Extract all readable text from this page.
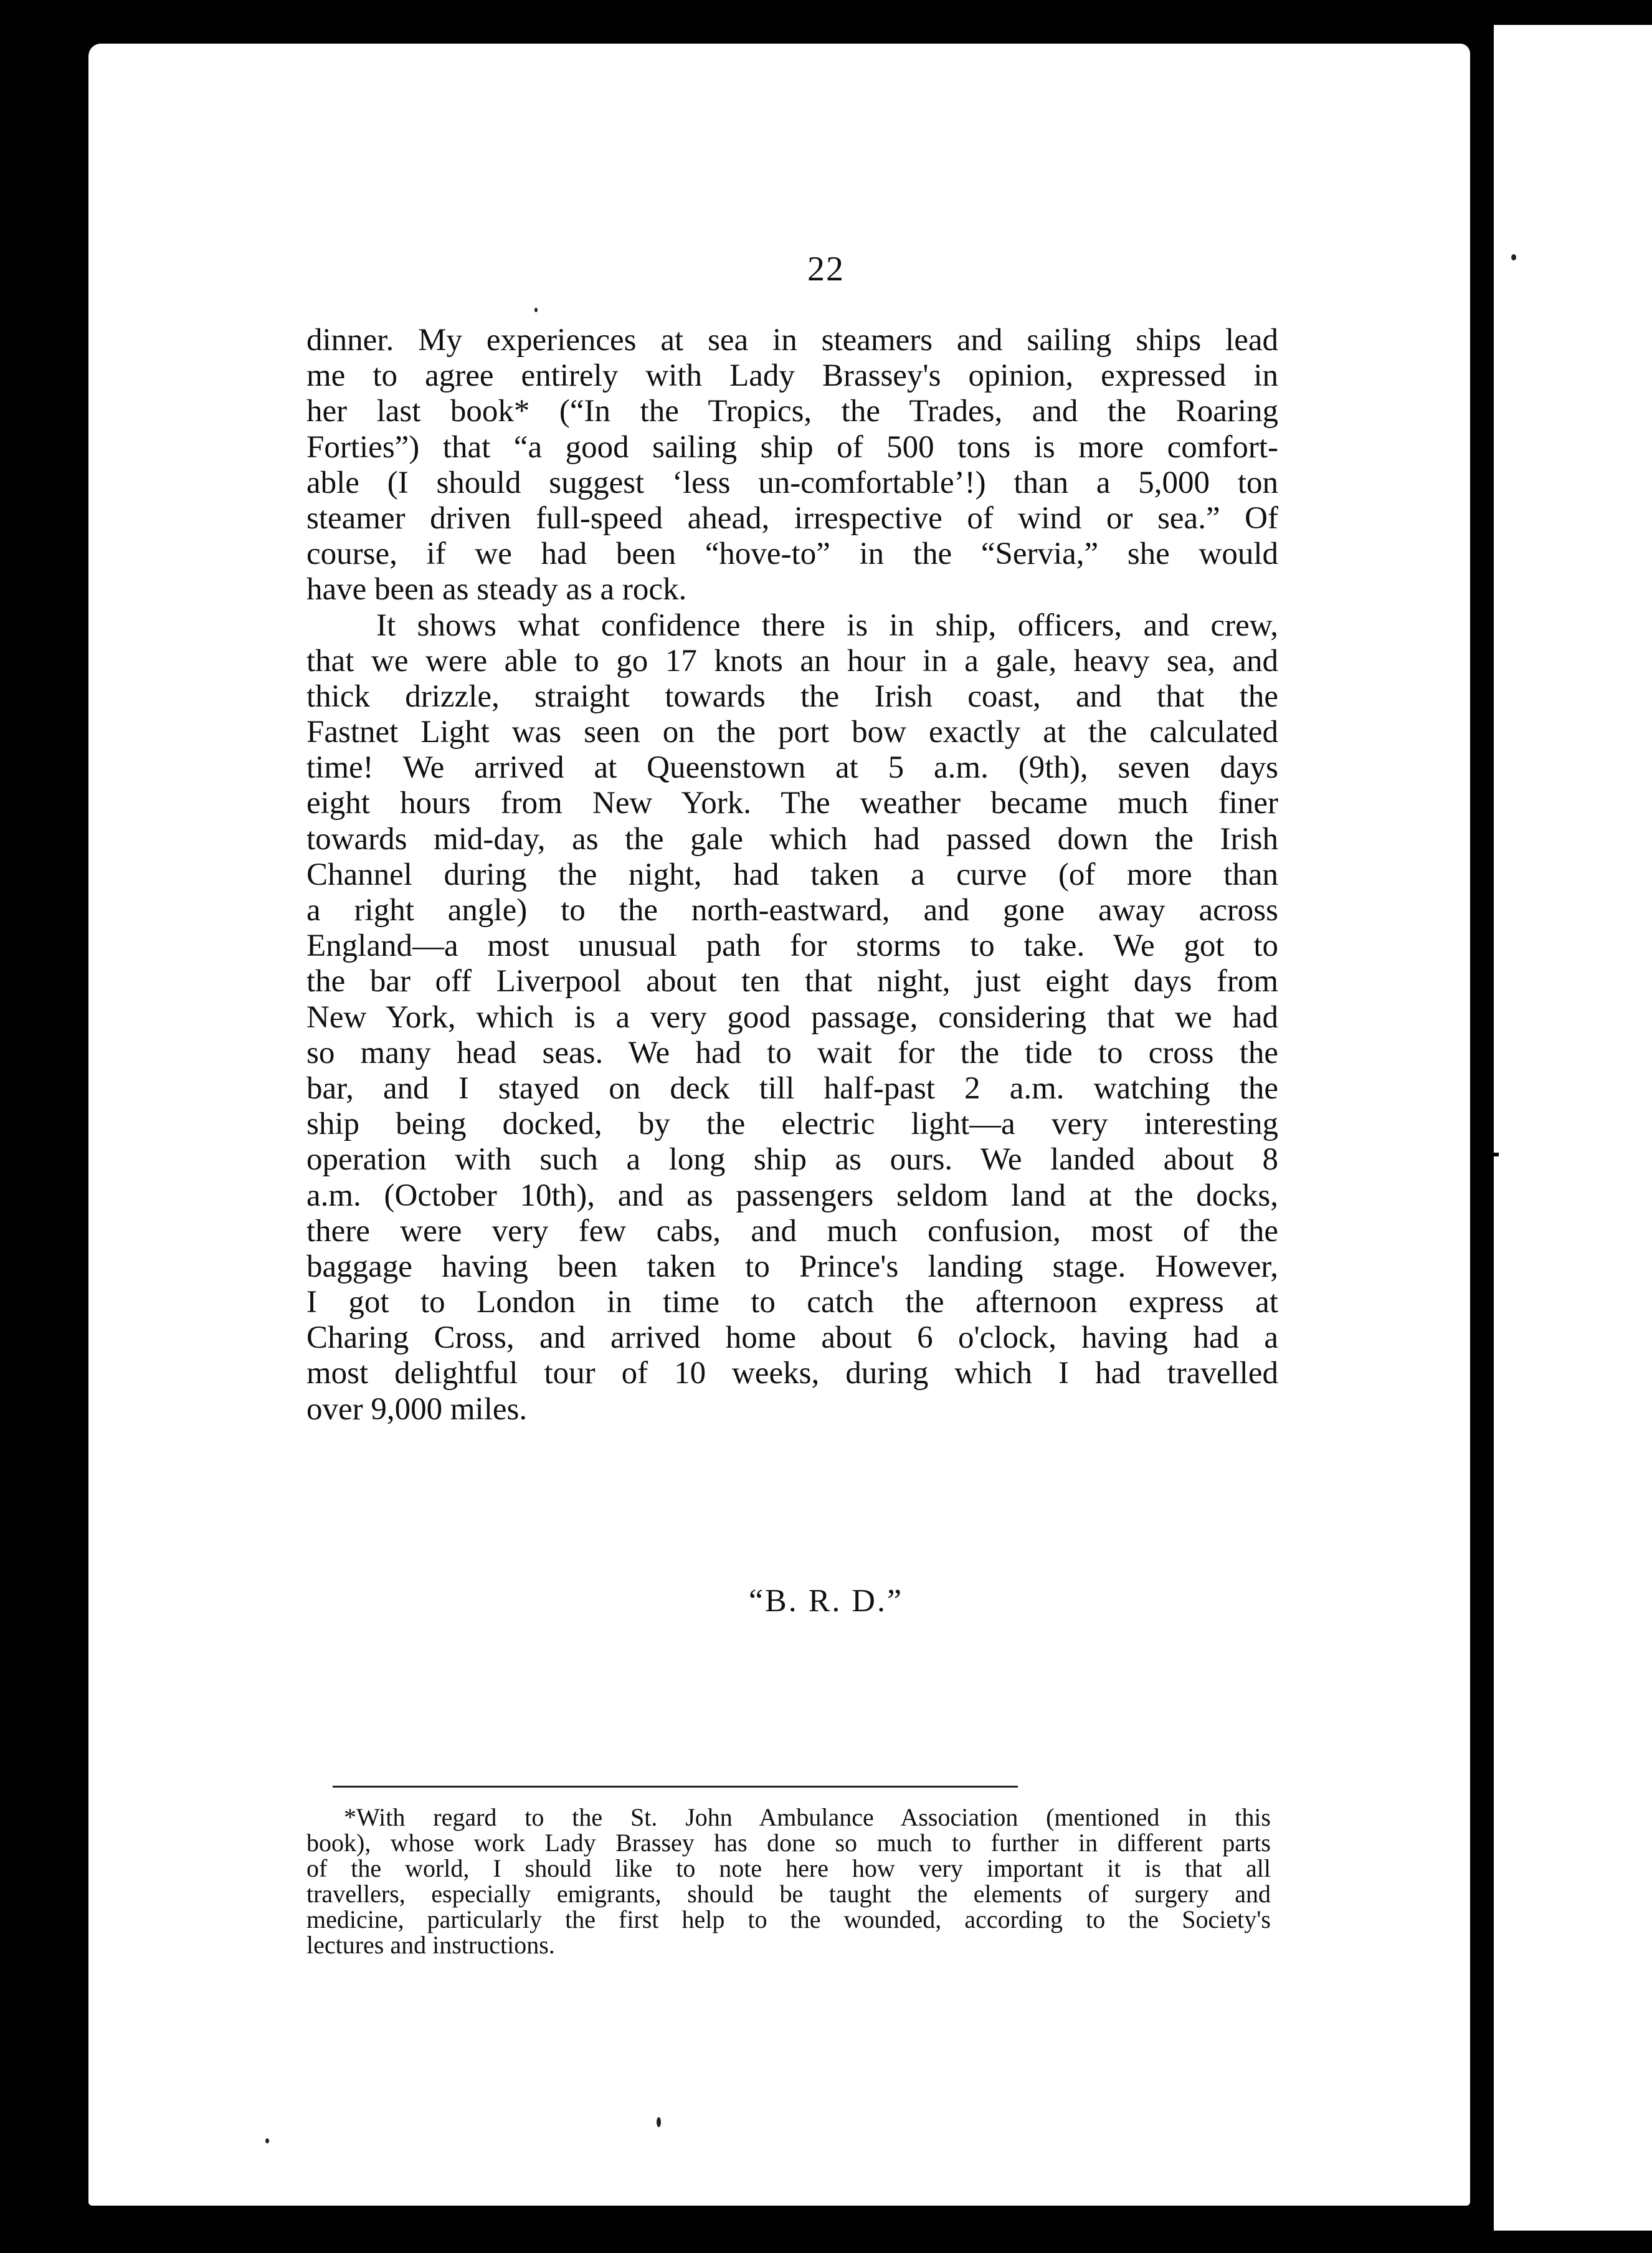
22
dinner. My experiences at sea in steamers and sailing ships lead
me to agree entirely with Lady Brassey's opinion, expressed in
her last book* (“In the Tropics, the Trades, and the Roaring
Forties”) that “a good sailing ship of 500 tons is more comfort-
able (I should suggest ‘less un-comfortable’!) than a 5,000 ton
steamer driven full-speed ahead, irrespective of wind or sea.” Of
course, if we had been “hove-to” in the “Servia,” she would
have been as steady as a rock.
It shows what confidence there is in ship, officers, and crew,
that we were able to go 17 knots an hour in a gale, heavy sea, and
thick drizzle, straight towards the Irish coast, and that the
Fastnet Light was seen on the port bow exactly at the calculated
time! We arrived at Queenstown at 5 a.m. (9th), seven days
eight hours from New York. The weather became much finer
towards mid-day, as the gale which had passed down the Irish
Channel during the night, had taken a curve (of more than
a right angle) to the north-eastward, and gone away across
England—a most unusual path for storms to take. We got to
the bar off Liverpool about ten that night, just eight days from
New York, which is a very good passage, considering that we had
so many head seas. We had to wait for the tide to cross the
bar, and I stayed on deck till half-past 2 a.m. watching the
ship being docked, by the electric light—a very interesting
operation with such a long ship as ours. We landed about 8
a.m. (October 10th), and as passengers seldom land at the docks,
there were very few cabs, and much confusion, most of the
baggage having been taken to Prince's landing stage. However,
I got to London in time to catch the afternoon express at
Charing Cross, and arrived home about 6 o'clock, having had a
most delightful tour of 10 weeks, during which I had travelled
over 9,000 miles.
“B. R. D.”
*With regard to the St. John Ambulance Association (mentioned in this
book), whose work Lady Brassey has done so much to further in different parts
of the world, I should like to note here how very important it is that all
travellers, especially emigrants, should be taught the elements of surgery and
medicine, particularly the first help to the wounded, according to the Society's
lectures and instructions.
